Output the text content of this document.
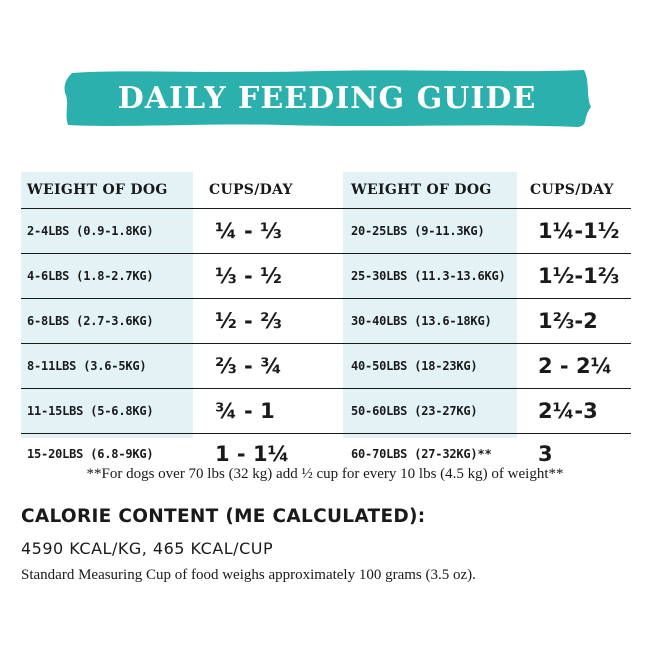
DAILY FEEDING GUIDE
WEIGHT OF DOG	CUPS/DAY	WEIGHT OF DOG	CUPS/DAY
2-4LBS (0.9-1.8KG)	¼ - ⅓	20-25LBS (9-11.3KG)	1¼-1½
4-6LBS (1.8-2.7KG)	⅓ - ½	25-30LBS (11.3-13.6KG) 1½-1⅔
6-8LBS (2.7-3.6KG)	½ - ⅔	30-40LBS (13.6-18KG) 1⅔-2
8-11LBS (3.6-5KG)	⅔ - ¾	40-50LBS (18-23KG)	2 - 2¼
11-15LBS (5-6.8KG)	¾ - 1	50-60LBS (23-27KG)	2¼-3
15-20LBS (6.8-9KG)	1 - 1¼	60-70LBS (27-32KG)** 3
**For dogs over 70 lbs (32 kg) add ½ cup for every 10 lbs (4.5 kg) of weight**
CALORIE CONTENT (ME CALCULATED):
4590 KCAL/KG, 465 KCAL/CUP
Standard Measuring Cup of food weighs approximately 100 grams (3.5 oz).
